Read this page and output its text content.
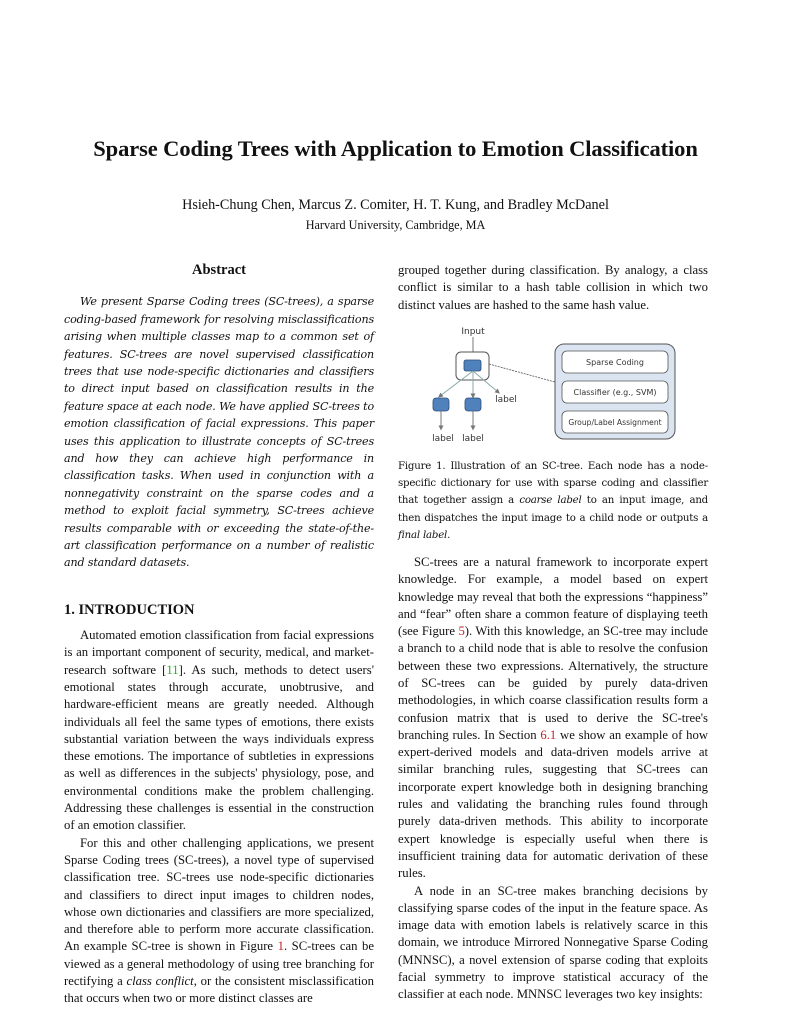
Sparse Coding Trees with Application to Emotion Classification
Hsieh-Chung Chen, Marcus Z. Comiter, H. T. Kung, and Bradley McDanel
Harvard University, Cambridge, MA
Abstract

We present Sparse Coding trees (SC-trees), a sparse coding-based framework for resolving misclassifications arising when multiple classes map to a common set of features. SC-trees are novel supervised classification trees that use node-specific dictionaries and classifiers to direct input based on classification results in the feature space at each node. We have applied SC-trees to emotion classification of facial expressions. This paper uses this application to illustrate concepts of SC-trees and how they can achieve high performance in classification tasks. When used in conjunction with a nonnegativity constraint on the sparse codes and a method to exploit facial symmetry, SC-trees achieve results comparable with or exceeding the state-of-the-art classification performance on a number of realistic and standard datasets.

1. INTRODUCTION

Automated emotion classification from facial expressions is an important component of security, medical, and market-research software [11]. As such, methods to detect users' emotional states through accurate, unobtrusive, and hardware-efficient means are greatly needed. Although individuals all feel the same types of emotions, there exists substantial variation between the ways individuals express these emotions. The importance of subtleties in expressions as well as differences in the subjects' physiology, pose, and environmental conditions make the problem challenging. Addressing these challenges is essential in the construction of an emotion classifier.

For this and other challenging applications, we present Sparse Coding trees (SC-trees), a novel type of supervised classification tree. SC-trees use node-specific dictionaries and classifiers to direct input images to children nodes, whose own dictionaries and classifiers are more specialized, and therefore able to perform more accurate classification. An example SC-tree is shown in Figure 1. SC-trees can be viewed as a general methodology of using tree branching for rectifying a class conflict, or the consistent misclassification that occurs when two or more distinct classes are

grouped together during classification. By analogy, a class conflict is similar to a hash table collision in which two distinct values are hashed to the same hash value.

Input
label
label label
Sparse Coding
Classifier (e.g., SVM)
Group/Label Assignment

Figure 1. Illustration of an SC-tree. Each node has a node-specific dictionary for use with sparse coding and classifier that together assign a coarse label to an input image, and then dispatches the input image to a child node or outputs a final label.

SC-trees are a natural framework to incorporate expert knowledge. For example, a model based on expert knowledge may reveal that both the expressions “happiness” and “fear” often share a common feature of displaying teeth (see Figure 5). With this knowledge, an SC-tree may include a branch to a child node that is able to resolve the confusion between these two expressions. Alternatively, the structure of SC-trees can be guided by purely data-driven methodologies, in which coarse classification results form a confusion matrix that is used to derive the SC-tree's branching rules. In Section 6.1 we show an example of how expert-derived models and data-driven models arrive at similar branching rules, suggesting that SC-trees can incorporate expert knowledge both in designing branching rules and validating the branching rules found through purely data-driven methods. This ability to incorporate expert knowledge is especially useful when there is insufficient training data for automatic derivation of these rules.

A node in an SC-tree makes branching decisions by classifying sparse codes of the input in the feature space. As image data with emotion labels is relatively scarce in this domain, we introduce Mirrored Nonnegative Sparse Coding (MNNSC), a novel extension of sparse coding that exploits facial symmetry to improve statistical accuracy of the classifier at each node. MNNSC leverages two key insights:
